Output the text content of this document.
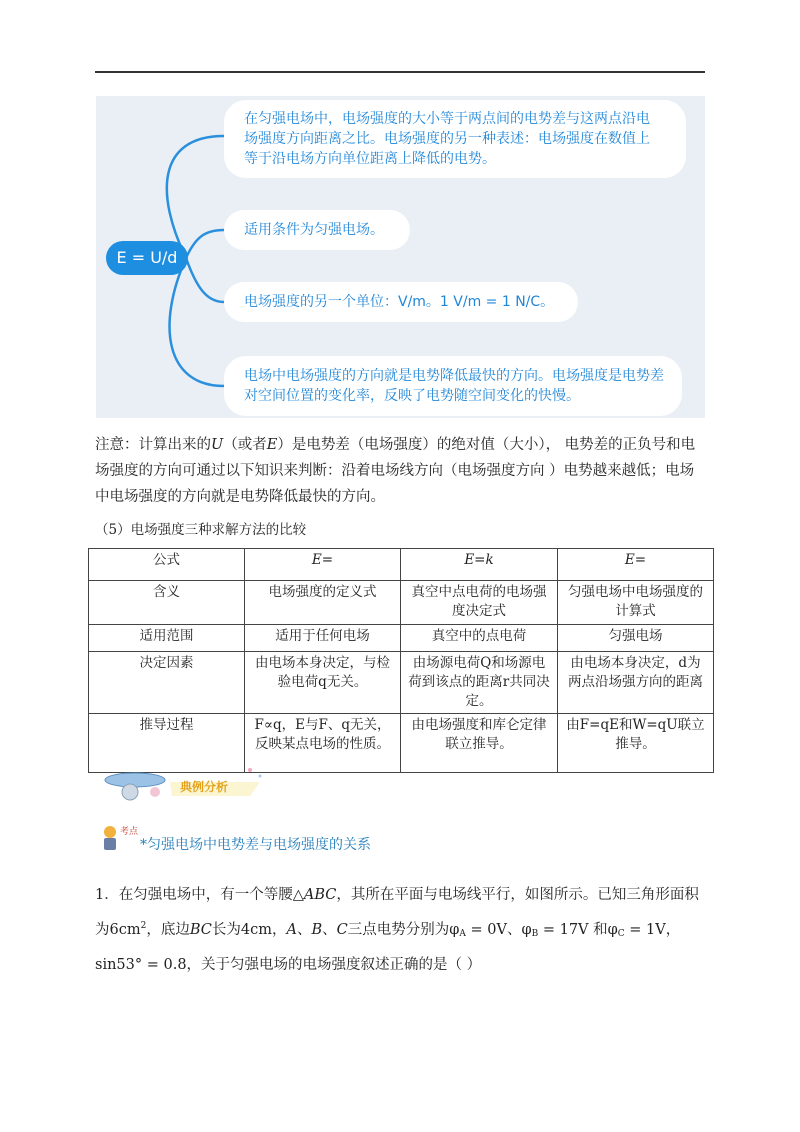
E = U/d
在匀强电场中，电场强度的大小等于两点间的电势差与这两点沿电场强度方向距离之比。电场强度的另一种表述：电场强度在数值上等于沿电场方向单位距离上降低的电势。
适用条件为匀强电场。
电场强度的另一个单位：V/m。1 V/m = 1 N/C。
电场中电场强度的方向就是电势降低最快的方向。电场强度是电势差对空间位置的变化率，反映了电势随空间变化的快慢。
注意：计算出来的U（或者E）是电势差（电场强度）的绝对值（大小）， 电势差的正负号和电场强度的方向可通过以下知识来判断：沿着电场线方向（电场强度方向 ）电势越来越低；电场中电场强度的方向就是电势降低最快的方向。
（5）电场强度三种求解方法的比较
公式	E=	E=k	E=
含义	电场强度的定义式	真空中点电荷的电场强度决定式	匀强电场中电场强度的计算式
适用范围	适用于任何电场	真空中的点电荷	匀强电场
决定因素	由电场本身决定，与检验电荷q无关。	由场源电荷Q和场源电荷到该点的距离r共同决定。	由电场本身决定，d为两点沿场强方向的距离
推导过程	F∝q，E与F、q无关，反映某点电场的性质。	由电场强度和库仑定律联立推导。	由F=qE和W=qU联立推导。
典例分析
考点
*匀强电场中电势差与电场强度的关系
1．在匀强电场中，有一个等腰△ABC，其所在平面与电场线平行，如图所示。已知三角形面积为$6cm^2$，底边BC长为4cm，A、B、C三点电势分别为$\varphi_A = 0V$、$\varphi_B = 17V$ 和$\varphi_C = 1V$，sin53° = 0.8，关于匀强电场的电场强度叙述正确的是（ ）
